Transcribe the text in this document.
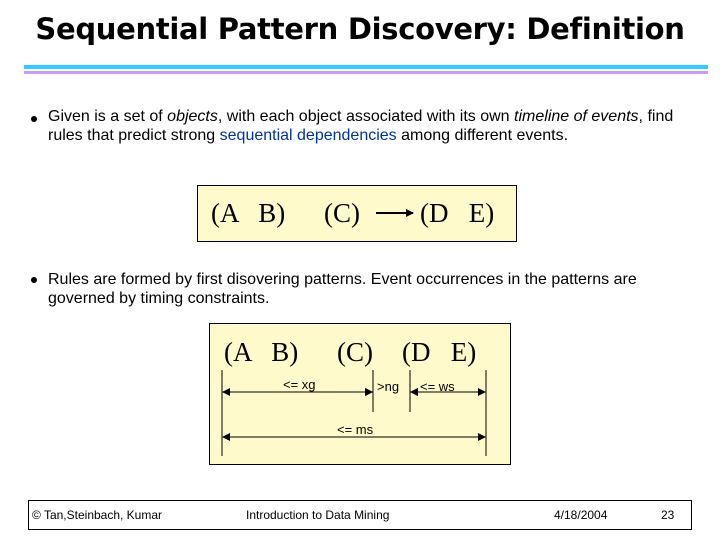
Sequential Pattern Discovery: Definition
Given is a set of objects, with each object associated with its own timeline of events, find rules that predict strong sequential dependencies among different events.
(A   B) (C) (D   E)
Rules are formed by first disovering patterns. Event occurrences in the patterns are governed by timing constraints.
(A   B) (C) (D   E)
<= xg	>ng <= ws
<= ms
© Tan,Steinbach, Kumar	Introduction to Data Mining	4/18/2004	23
